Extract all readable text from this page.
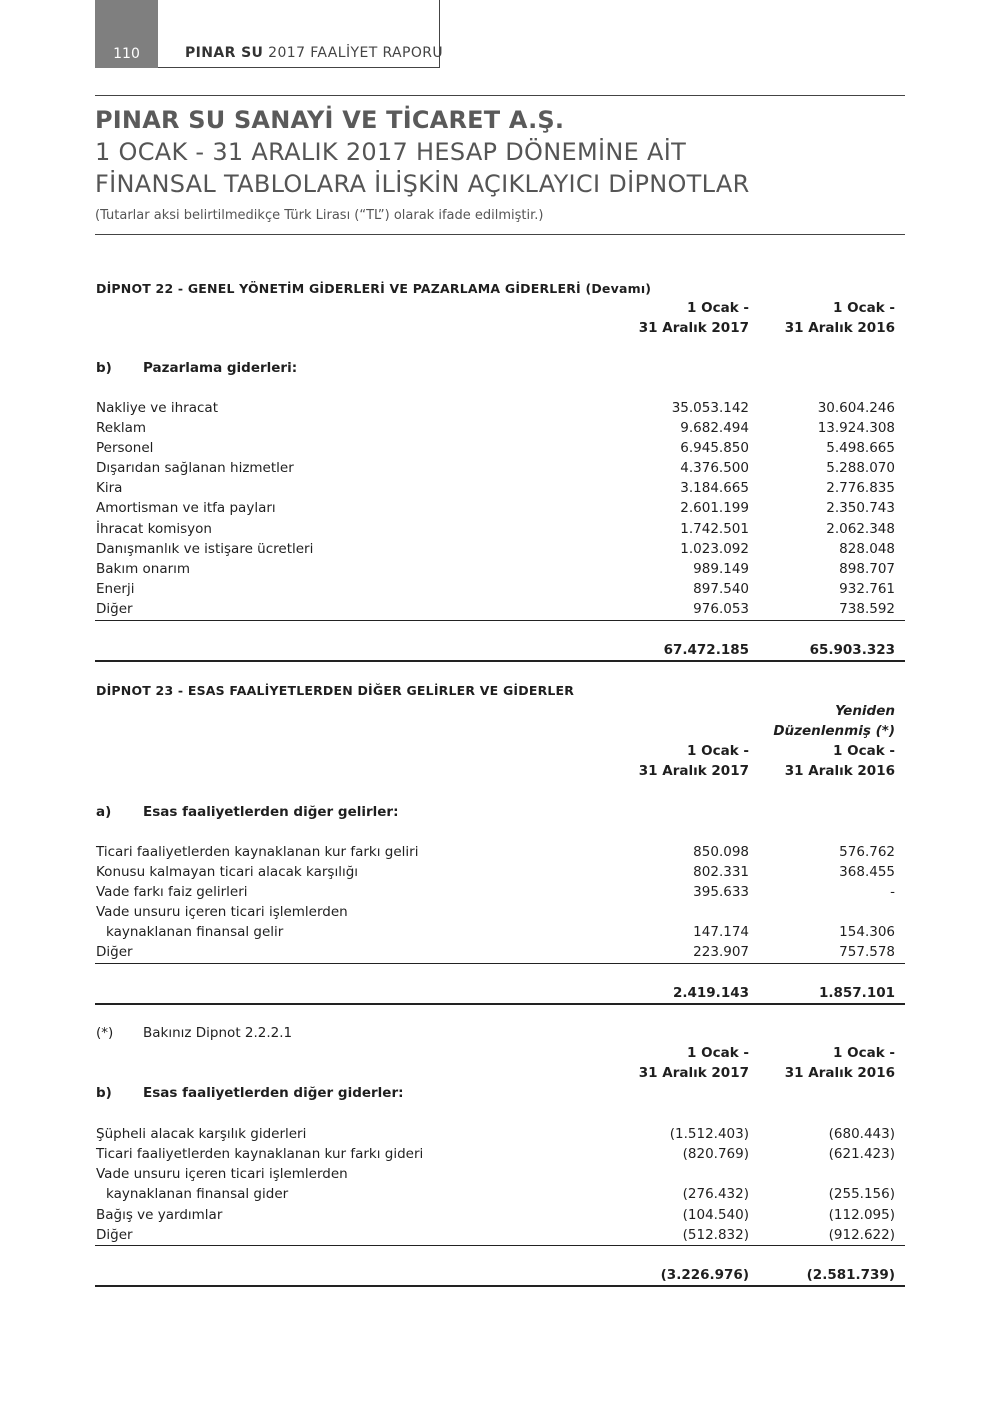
110	PINAR SU 2017 FAALİYET RAPORU
PINAR SU SANAYİ VE TİCARET A.Ş.
1 OCAK - 31 ARALIK 2017 HESAP DÖNEMİNE AİT
FİNANSAL TABLOLARA İLİŞKİN AÇIKLAYICI DİPNOTLAR
(Tutarlar aksi belirtilmedikçe Türk Lirası (“TL”) olarak ifade edilmiştir.)
DİPNOT 22 - GENEL YÖNETİM GİDERLERİ VE PAZARLAMA GİDERLERİ (Devamı)
1 Ocak -	1 Ocak -
31 Aralık 2017	31 Aralık 2016
b) Pazarlama giderleri:
Nakliye ve ihracat	35.053.142	30.604.246
Reklam	9.682.494	13.924.308
Personel	6.945.850	5.498.665
Dışarıdan sağlanan hizmetler	4.376.500	5.288.070
Kira	3.184.665	2.776.835
Amortisman ve itfa payları	2.601.199	2.350.743
İhracat komisyon	1.742.501	2.062.348
Danışmanlık ve istişare ücretleri	1.023.092	828.048
Bakım onarım	989.149	898.707
Enerji	897.540	932.761
Diğer	976.053	738.592
67.472.185	65.903.323
DİPNOT 23 - ESAS FAALİYETLERDEN DİĞER GELİRLER VE GİDERLER
Yeniden
Düzenlenmiş (*)
1 Ocak -	1 Ocak -
31 Aralık 2017	31 Aralık 2016
a) Esas faaliyetlerden diğer gelirler:
Ticari faaliyetlerden kaynaklanan kur farkı geliri	850.098	576.762
Konusu kalmayan ticari alacak karşılığı	802.331	368.455
Vade farkı faiz gelirleri	395.633	-
Vade unsuru içeren ticari işlemlerden
kaynaklanan finansal gelir	147.174	154.306
Diğer	223.907	757.578
2.419.143	1.857.101
(*) Bakınız Dipnot 2.2.2.1
1 Ocak -	1 Ocak -
31 Aralık 2017	31 Aralık 2016
b) Esas faaliyetlerden diğer giderler:
Şüpheli alacak karşılık giderleri	(1.512.403)	(680.443)
Ticari faaliyetlerden kaynaklanan kur farkı gideri	(820.769)	(621.423)
Vade unsuru içeren ticari işlemlerden
kaynaklanan finansal gider	(276.432)	(255.156)
Bağış ve yardımlar	(104.540)	(112.095)
Diğer	(512.832)	(912.622)
(3.226.976)	(2.581.739)
